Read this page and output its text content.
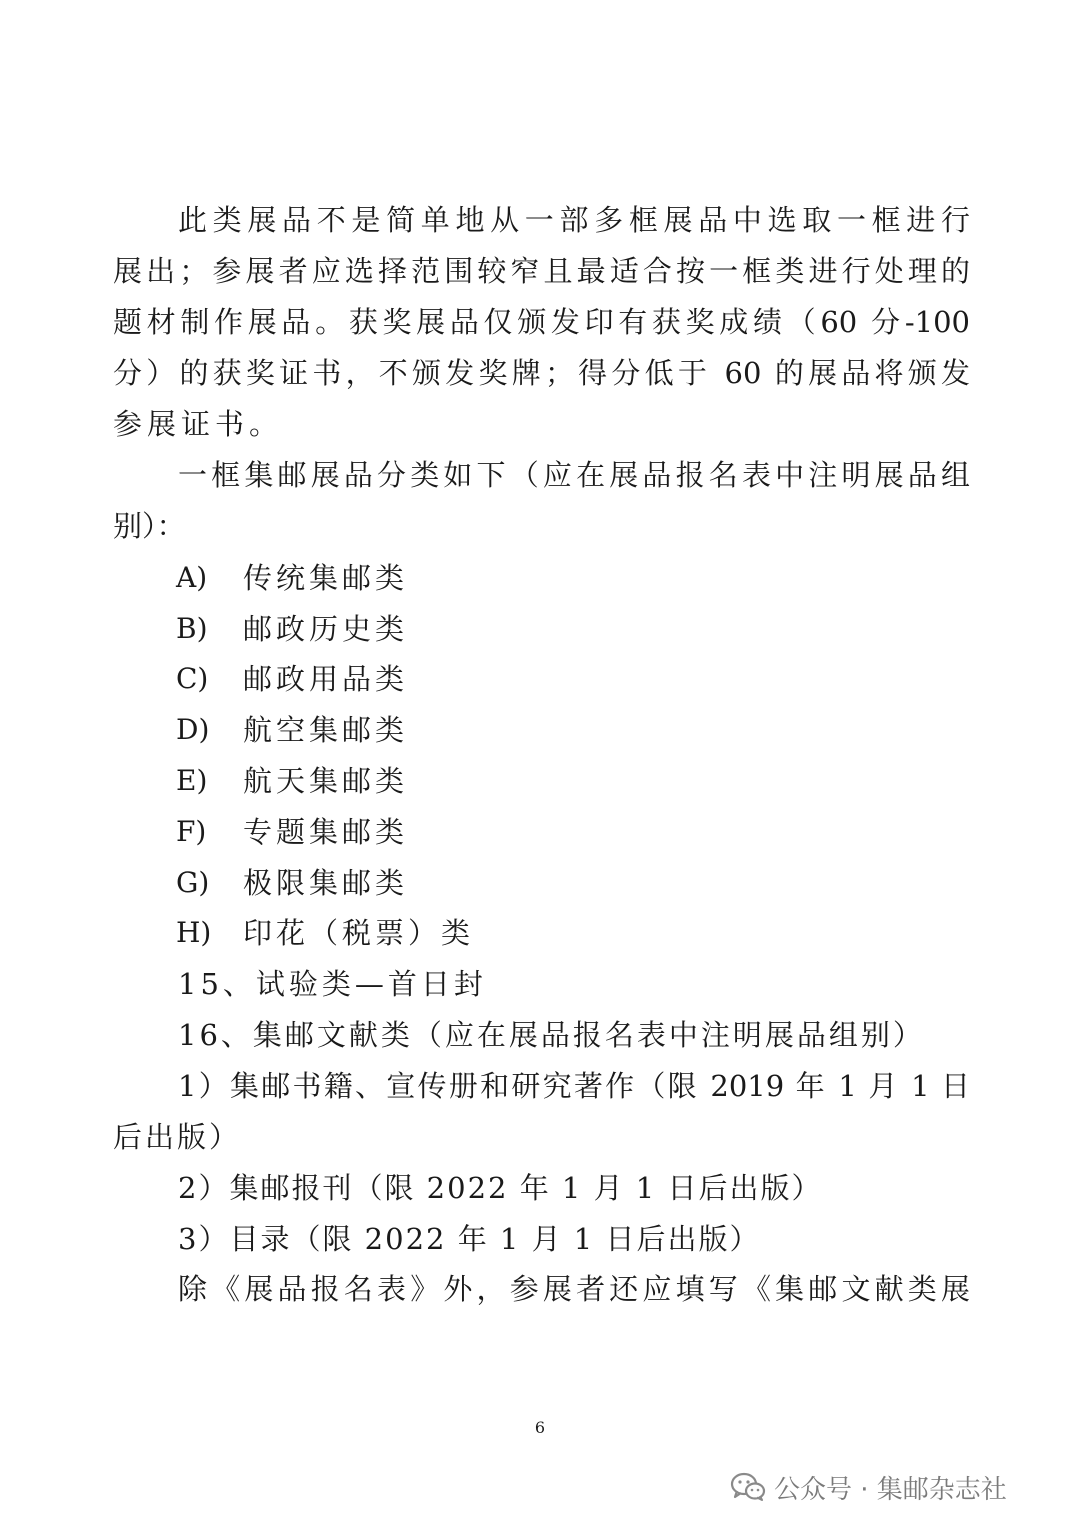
此类展品不是简单地从一部多框展品中选取一框进行
展出；参展者应选择范围较窄且最适合按一框类进行处理的
题材制作展品。获奖展品仅颁发印有获奖成绩（60 分-100
分）的获奖证书，不颁发奖牌；得分低于 60 的展品将颁发
参展证书。
一框集邮展品分类如下（应在展品报名表中注明展品组
别）：
A) 传统集邮类
B) 邮政历史类
C) 邮政用品类
D) 航空集邮类
E) 航天集邮类
F) 专题集邮类
G) 极限集邮类
H) 印花（税票）类
15、试验类—首日封
16、集邮文献类（应在展品报名表中注明展品组别）
1）集邮书籍、宣传册和研究著作（限 2019 年 1 月 1 日
后出版）
2）集邮报刊（限 2022 年 1 月 1 日后出版）
3）目录（限 2022 年 1 月 1 日后出版）
除《展品报名表》外，参展者还应填写《集邮文献类展
6
公众号 · 集邮杂志社
